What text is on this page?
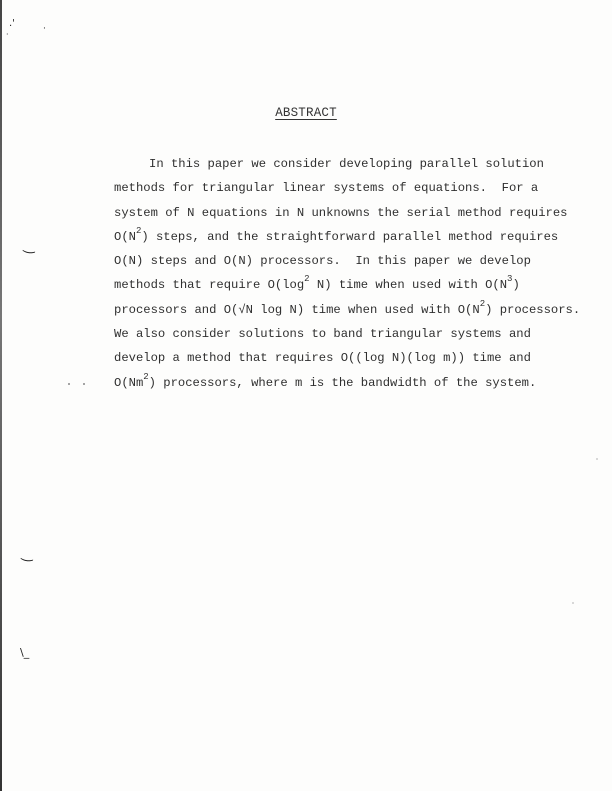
.'	·
·
‿
‿
\_
ABSTRACT
In this paper we consider developing parallel solution
methods for triangular linear systems of equations.  For a
system of N equations in N unknowns the serial method requires
$O(N^2)$ steps, and the straightforward parallel method requires
O(N) steps and O(N) processors.  In this paper we develop
methods that require $O(\log^2$ N) time when used with $O(N^3)$
processors and O(√N log N) time when used with $O(N^2)$ processors.
We also consider solutions to band triangular systems and
develop a method that requires O((log N)(log m)) time and
O(Nm$^2$) processors, where m is the bandwidth of the system.
